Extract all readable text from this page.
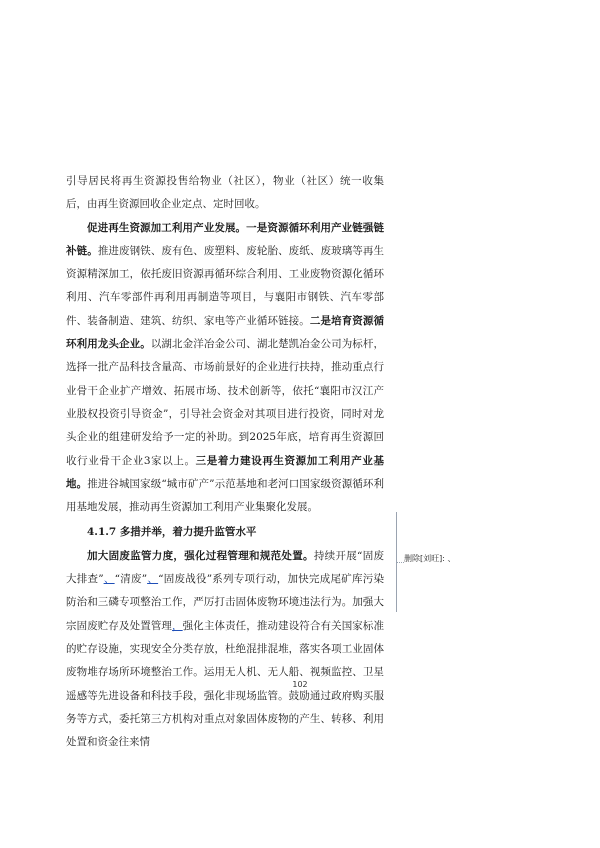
引导居民将再生资源投售给物业（社区），物业（社区）统一收集后，由再生资源回收企业定点、定时回收。

促进再生资源加工利用产业发展。一是资源循环利用产业链强链补链。推进废钢铁、废有色、废塑料、废轮胎、废纸、废玻璃等再生资源精深加工，依托废旧资源再循环综合利用、工业废物资源化循环利用、汽车零部件再利用再制造等项目，与襄阳市钢铁、汽车零部件、装备制造、建筑、纺织、家电等产业循环链接。二是培育资源循环利用龙头企业。以湖北金洋冶金公司、湖北楚凯冶金公司为标杆，选择一批产品科技含量高、市场前景好的企业进行扶持，推动重点行业骨干企业扩产增效、拓展市场、技术创新等，依托“襄阳市汉江产业股权投资引导资金”，引导社会资金对其项目进行投资，同时对龙头企业的组建研发给予一定的补助。到2025年底，培育再生资源回收行业骨干企业3家以上。三是着力建设再生资源加工利用产业基地。推进谷城国家级“城市矿产”示范基地和老河口国家级资源循环利用基地发展，推动再生资源加工利用产业集聚化发展。

4.1.7 多措并举，着力提升监管水平

加大固废监管力度，强化过程管理和规范处置。持续开展“固废大排查”、“清废”、“固废战役”系列专项行动，加快完成尾矿库污染防治和三磷专项整治工作，严厉打击固体废物环境违法行为。加强大宗固废贮存及处置管理，强化主体责任，推动建设符合有关国家标准的贮存设施，实现安全分类存放，杜绝混排混堆，落实各项工业固体废物堆存场所环境整治工作。运用无人机、无人船、视频监控、卫星遥感等先进设备和科技手段，强化非现场监管。鼓励通过政府购买服务等方式，委托第三方机构对重点对象固体废物的产生、转移、利用处置和资金往来情

删除[刘旺]: 、
102
